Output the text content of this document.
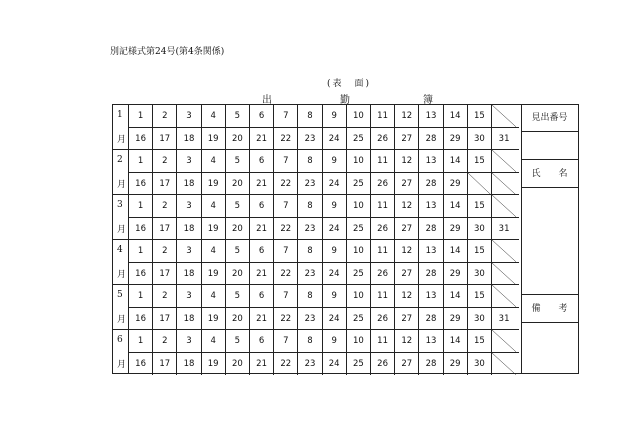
別記様式第24号(第4条関係)
(表　面)
出	勤	簿
1
月
1	2	3	4	5	6	7	8	9	10	11	12	13	14	15
16	17	18	19	20	21	22	23	24	25	26	27	28	29	30	31
2
月
1	2	3	4	5	6	7	8	9	10	11	12	13	14	15
16	17	18	19	20	21	22	23	24	25	26	27	28	29
3
月
1	2	3	4	5	6	7	8	9	10	11	12	13	14	15
16	17	18	19	20	21	22	23	24	25	26	27	28	29	30	31
4
月
1	2	3	4	5	6	7	8	9	10	11	12	13	14	15
16	17	18	19	20	21	22	23	24	25	26	27	28	29	30
5
月
1	2	3	4	5	6	7	8	9	10	11	12	13	14	15
16	17	18	19	20	21	22	23	24	25	26	27	28	29	30	31
6
月
1	2	3	4	5	6	7	8	9	10	11	12	13	14	15
16	17	18	19	20	21	22	23	24	25	26	27	28	29	30
見出番号
氏　　名
備　　考
